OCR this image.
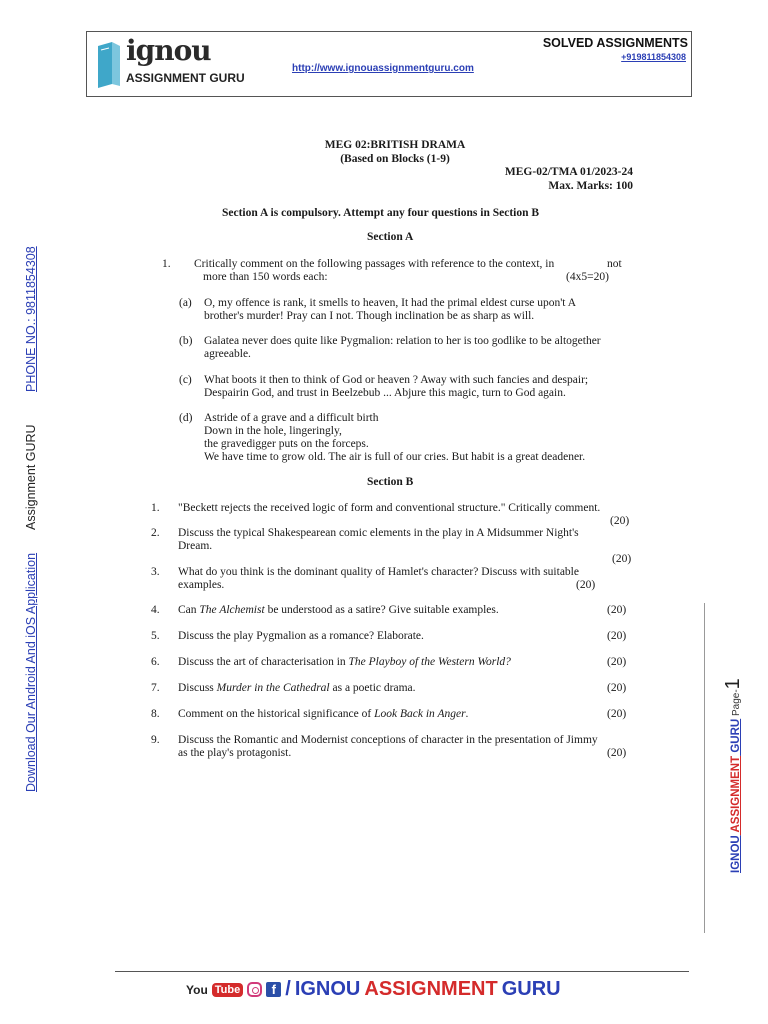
ignou
ASSIGNMENT GURU
http://www.ignouassignmentguru.com
SOLVED ASSIGNMENTS
+919811854308
Download Our Android And iOS Application
Assignment GURU
PHONE NO.: 9811854308
IGNOU ASSIGNMENT GURU Page-1
MEG 02:BRITISH DRAMA
(Based on Blocks (1-9)
MEG-02/TMA 01/2023-24
Max. Marks: 100
Section A is compulsory. Attempt any four questions in Section B
Section A
1. Critically comment on the following passages with reference to the context, in	not
more than 150 words each:	(4x5=20)
(a) O, my offence is rank, it smells to heaven, It had the primal eldest curse upon't A
brother's murder! Pray can I not. Though inclination be as sharp as will.
(b) Galatea never does quite like Pygmalion: relation to her is too godlike to be altogether
agreeable.
(c) What boots it then to think of God or heaven ? Away with such fancies and despair;
Despairin God, and trust in Beelzebub ... Abjure this magic, turn to God again.
(d) Astride of a grave and a difficult birth
Down in the hole, lingeringly,
the gravedigger puts on the forceps.
We have time to grow old. The air is full of our cries. But habit is a great deadener.
Section B
1. "Beckett rejects the received logic of form and conventional structure." Critically comment.
(20)
2. Discuss the typical Shakespearean comic elements in the play in A Midsummer Night's
Dream.
(20)
3. What do you think is the dominant quality of Hamlet's character? Discuss with suitable
examples.	(20)
4. Can The Alchemist be understood as a satire? Give suitable examples.	(20)
5. Discuss the play Pygmalion as a romance? Elaborate.	(20)
6. Discuss the art of characterisation in The Playboy of the Western World?	(20)
7. Discuss Murder in the Cathedral as a poetic drama.	(20)
8. Comment on the historical significance of Look Back in Anger.	(20)
9. Discuss the Romantic and Modernist conceptions of character in the presentation of Jimmy
as the play's protagonist.	(20)
You Tube	f / IGNOU ASSIGNMENT GURU
